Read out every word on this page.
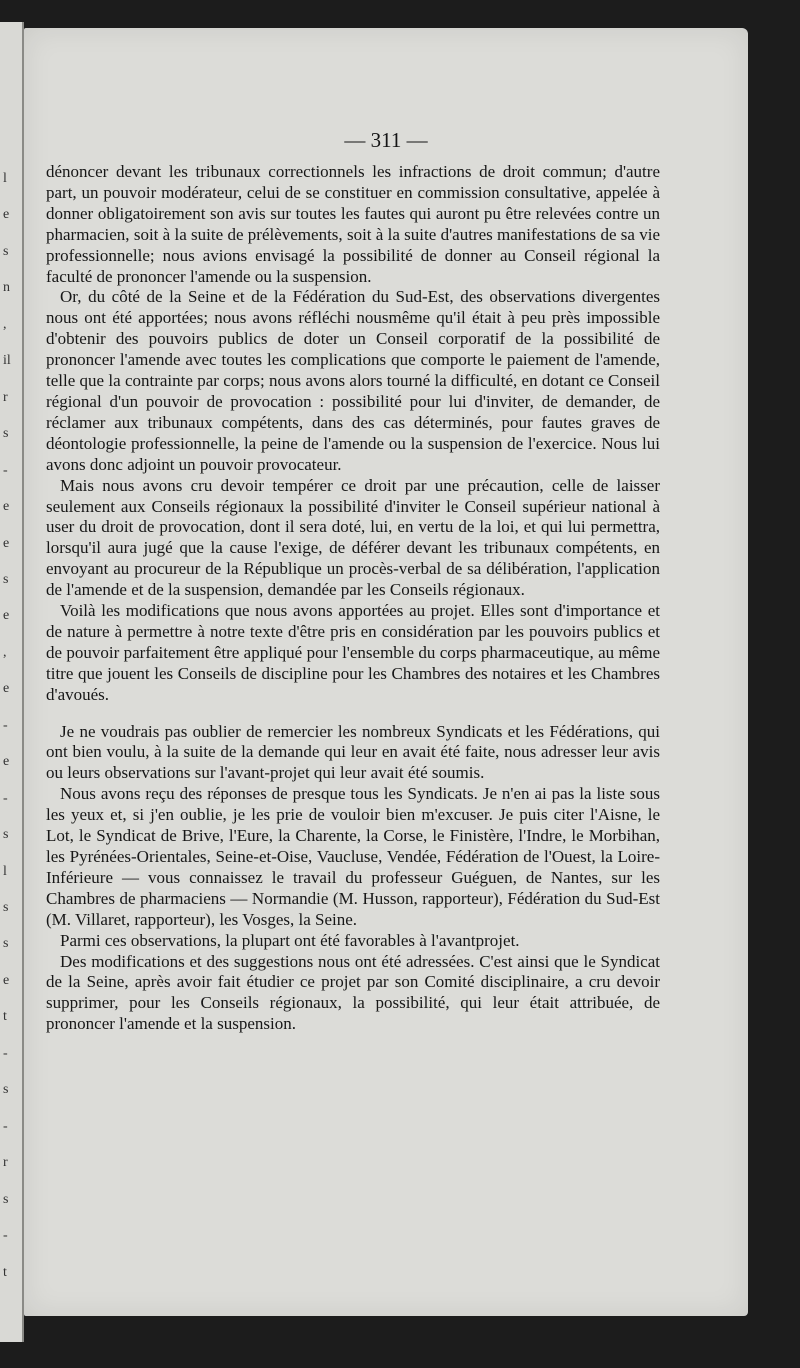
l
e
s
n
,
il
r
s
-
e
e
s
e
,
e
-
e
-
s
l
s
s
e
t
-
s
-
r
s
-
t
— 311 —

dénoncer devant les tribunaux correctionnels les infractions de droit commun; d'autre part, un pouvoir modérateur, celui de se constituer en commission consultative, appelée à donner obligatoirement son avis sur toutes les fautes qui auront pu être relevées contre un pharmacien, soit à la suite de prélèvements, soit à la suite d'autres manifestations de sa vie professionnelle; nous avions envisagé la possibilité de donner au Conseil régional la faculté de prononcer l'amende ou la suspension.

Or, du côté de la Seine et de la Fédération du Sud-Est, des observations divergentes nous ont été apportées; nous avons réfléchi nousmême qu'il était à peu près impossible d'obtenir des pouvoirs publics de doter un Conseil corporatif de la possibilité de prononcer l'amende avec toutes les complications que comporte le paiement de l'amende, telle que la contrainte par corps; nous avons alors tourné la difficulté, en dotant ce Conseil régional d'un pouvoir de provocation : possibilité pour lui d'inviter, de demander, de réclamer aux tribunaux compétents, dans des cas déterminés, pour fautes graves de déontologie professionnelle, la peine de l'amende ou la suspension de l'exercice. Nous lui avons donc adjoint un pouvoir provocateur.

Mais nous avons cru devoir tempérer ce droit par une précaution, celle de laisser seulement aux Conseils régionaux la possibilité d'inviter le Conseil supérieur national à user du droit de provocation, dont il sera doté, lui, en vertu de la loi, et qui lui permettra, lorsqu'il aura jugé que la cause l'exige, de déférer devant les tribunaux compétents, en envoyant au procureur de la République un procès-verbal de sa délibération, l'application de l'amende et de la suspension, demandée par les Conseils régionaux.

Voilà les modifications que nous avons apportées au projet. Elles sont d'importance et de nature à permettre à notre texte d'être pris en considération par les pouvoirs publics et de pouvoir parfaitement être appliqué pour l'ensemble du corps pharmaceutique, au même titre que jouent les Conseils de discipline pour les Chambres des notaires et les Chambres d'avoués.

Je ne voudrais pas oublier de remercier les nombreux Syndicats et les Fédérations, qui ont bien voulu, à la suite de la demande qui leur en avait été faite, nous adresser leur avis ou leurs observations sur l'avant-projet qui leur avait été soumis.

Nous avons reçu des réponses de presque tous les Syndicats. Je n'en ai pas la liste sous les yeux et, si j'en oublie, je les prie de vouloir bien m'excuser. Je puis citer l'Aisne, le Lot, le Syndicat de Brive, l'Eure, la Charente, la Corse, le Finistère, l'Indre, le Morbihan, les Pyrénées-Orientales, Seine-et-Oise, Vaucluse, Vendée, Fédération de l'Ouest, la Loire-Inférieure — vous connaissez le travail du professeur Guéguen, de Nantes, sur les Chambres de pharmaciens — Normandie (M. Husson, rapporteur), Fédération du Sud-Est (M. Villaret, rapporteur), les Vosges, la Seine.

Parmi ces observations, la plupart ont été favorables à l'avantprojet.

Des modifications et des suggestions nous ont été adressées. C'est ainsi que le Syndicat de la Seine, après avoir fait étudier ce projet par son Comité disciplinaire, a cru devoir supprimer, pour les Conseils régionaux, la possibilité, qui leur était attribuée, de prononcer l'amende et la suspension.
